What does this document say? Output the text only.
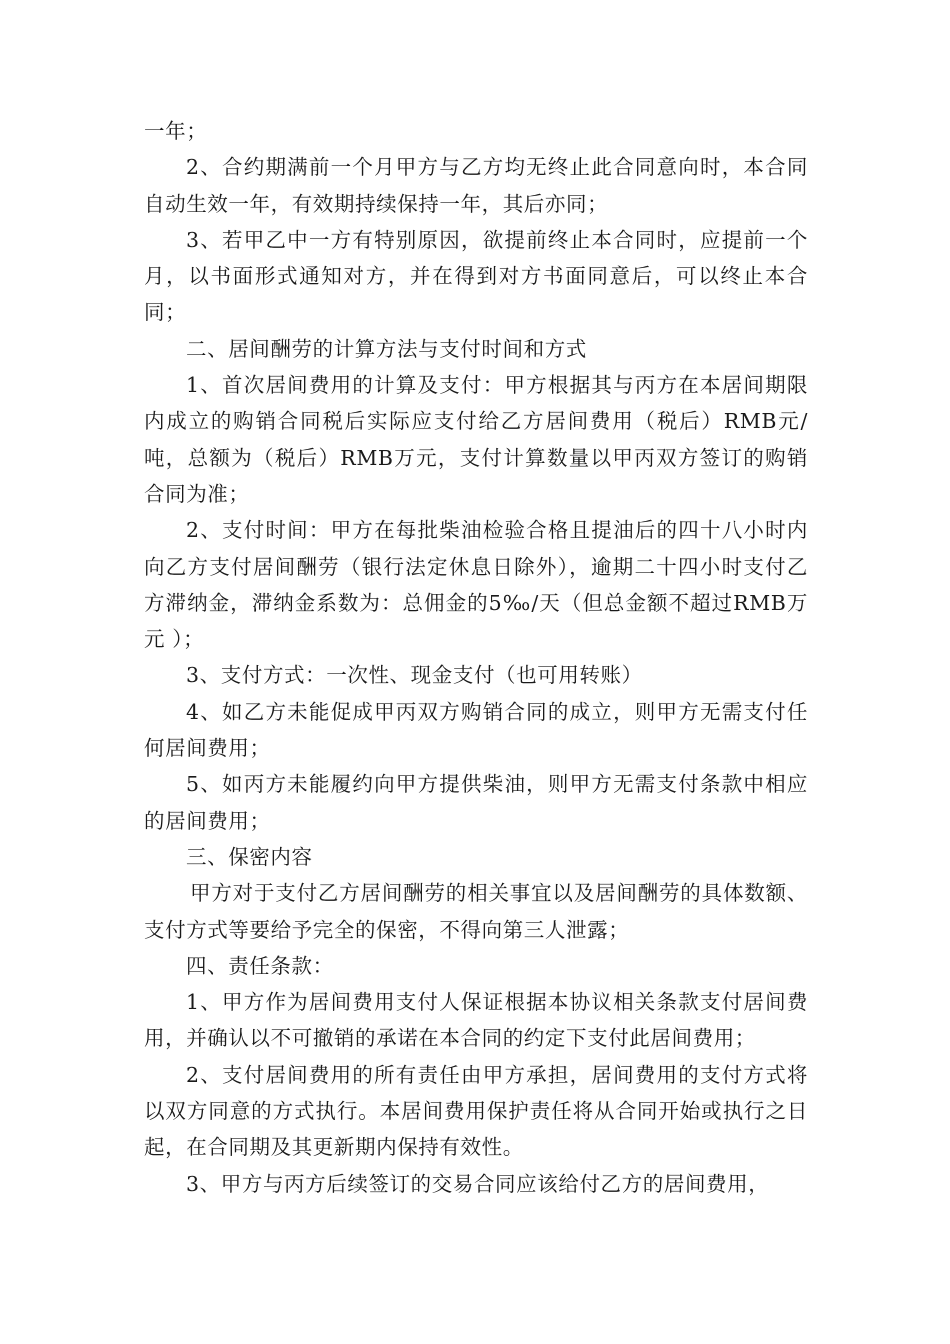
一年；

2、合约期满前一个月甲方与乙方均无终止此合同意向时，本合同自动生效一年，有效期持续保持一年，其后亦同；

3、若甲乙中一方有特别原因，欲提前终止本合同时，应提前一个月，以书面形式通知对方，并在得到对方书面同意后，可以终止本合同；

二、居间酬劳的计算方法与支付时间和方式

1、首次居间费用的计算及支付：甲方根据其与丙方在本居间期限内成立的购销合同税后实际应支付给乙方居间费用（税后）RMB元/吨，总额为（税后）RMB万元，支付计算数量以甲丙双方签订的购销合同为准；

2、支付时间：甲方在每批柴油检验合格且提油后的四十八小时内向乙方支付居间酬劳（银行法定休息日除外），逾期二十四小时支付乙方滞纳金，滞纳金系数为：总佣金的5‰/天（但总金额不超过RMB万元 ）；

3、支付方式：一次性、现金支付（也可用转账）

4、如乙方未能促成甲丙双方购销合同的成立，则甲方无需支付任何居间费用；

5、如丙方未能履约向甲方提供柴油，则甲方无需支付条款中相应的居间费用；

三、保密内容

甲方对于支付乙方居间酬劳的相关事宜以及居间酬劳的具体数额、支付方式等要给予完全的保密，不得向第三人泄露；

四、责任条款：

1、甲方作为居间费用支付人保证根据本协议相关条款支付居间费用，并确认以不可撤销的承诺在本合同的约定下支付此居间费用；

2、支付居间费用的所有责任由甲方承担，居间费用的支付方式将以双方同意的方式执行。本居间费用保护责任将从合同开始或执行之日起，在合同期及其更新期内保持有效性。

3、甲方与丙方后续签订的交易合同应该给付乙方的居间费用，
